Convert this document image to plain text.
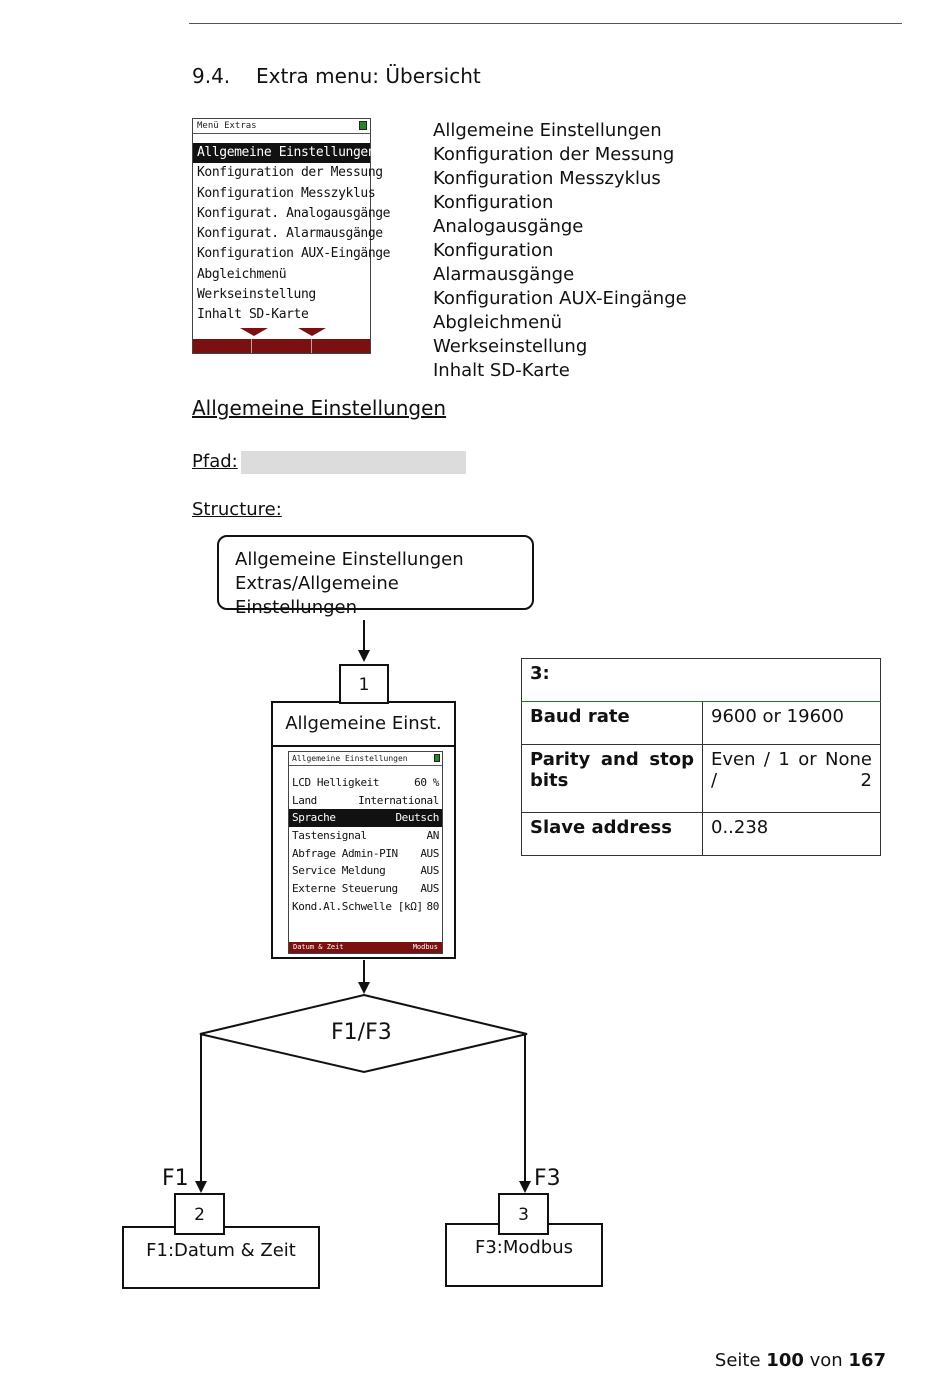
9.4. Extra menu: Übersicht
Menü Extras
Allgemeine Einstellungen
Konfiguration der Messung
Konfiguration Messzyklus
Konfigurat. Analogausgänge
Konfigurat. Alarmausgänge
Konfiguration AUX-Eingänge
Abgleichmenü
Werkseinstellung
Inhalt SD-Karte
Allgemeine Einstellungen
Konfiguration der Messung
Konfiguration Messzyklus
Konfiguration
Analogausgänge
Konfiguration
Alarmausgänge
Konfiguration AUX-Eingänge
Abgleichmenü
Werkseinstellung
Inhalt SD-Karte
Allgemeine Einstellungen
Pfad:
Structure:
F1/F3
Allgemeine Einstellungen
Extras/Allgemeine
Einstellungen
Allgemeine Einst.
1
Allgemeine Einstellungen
LCD Helligkeit	60 %
Land	International
Sprache	Deutsch
Tastensignal	AN
Abfrage Admin-PIN AUS
Service Meldung	AUS
Externe Steuerung AUS
Kond.Al.Schwelle [kΩ] 80
Datum & Zeit	Modbus
F1	F3
F1:Datum & Zeit
2
F3:Modbus
3
3:	
Baud rate	9600 or 19600
Parity and stop bits	Even / 1 or None / 2
Slave address	0..238
Seite 100 von 167
